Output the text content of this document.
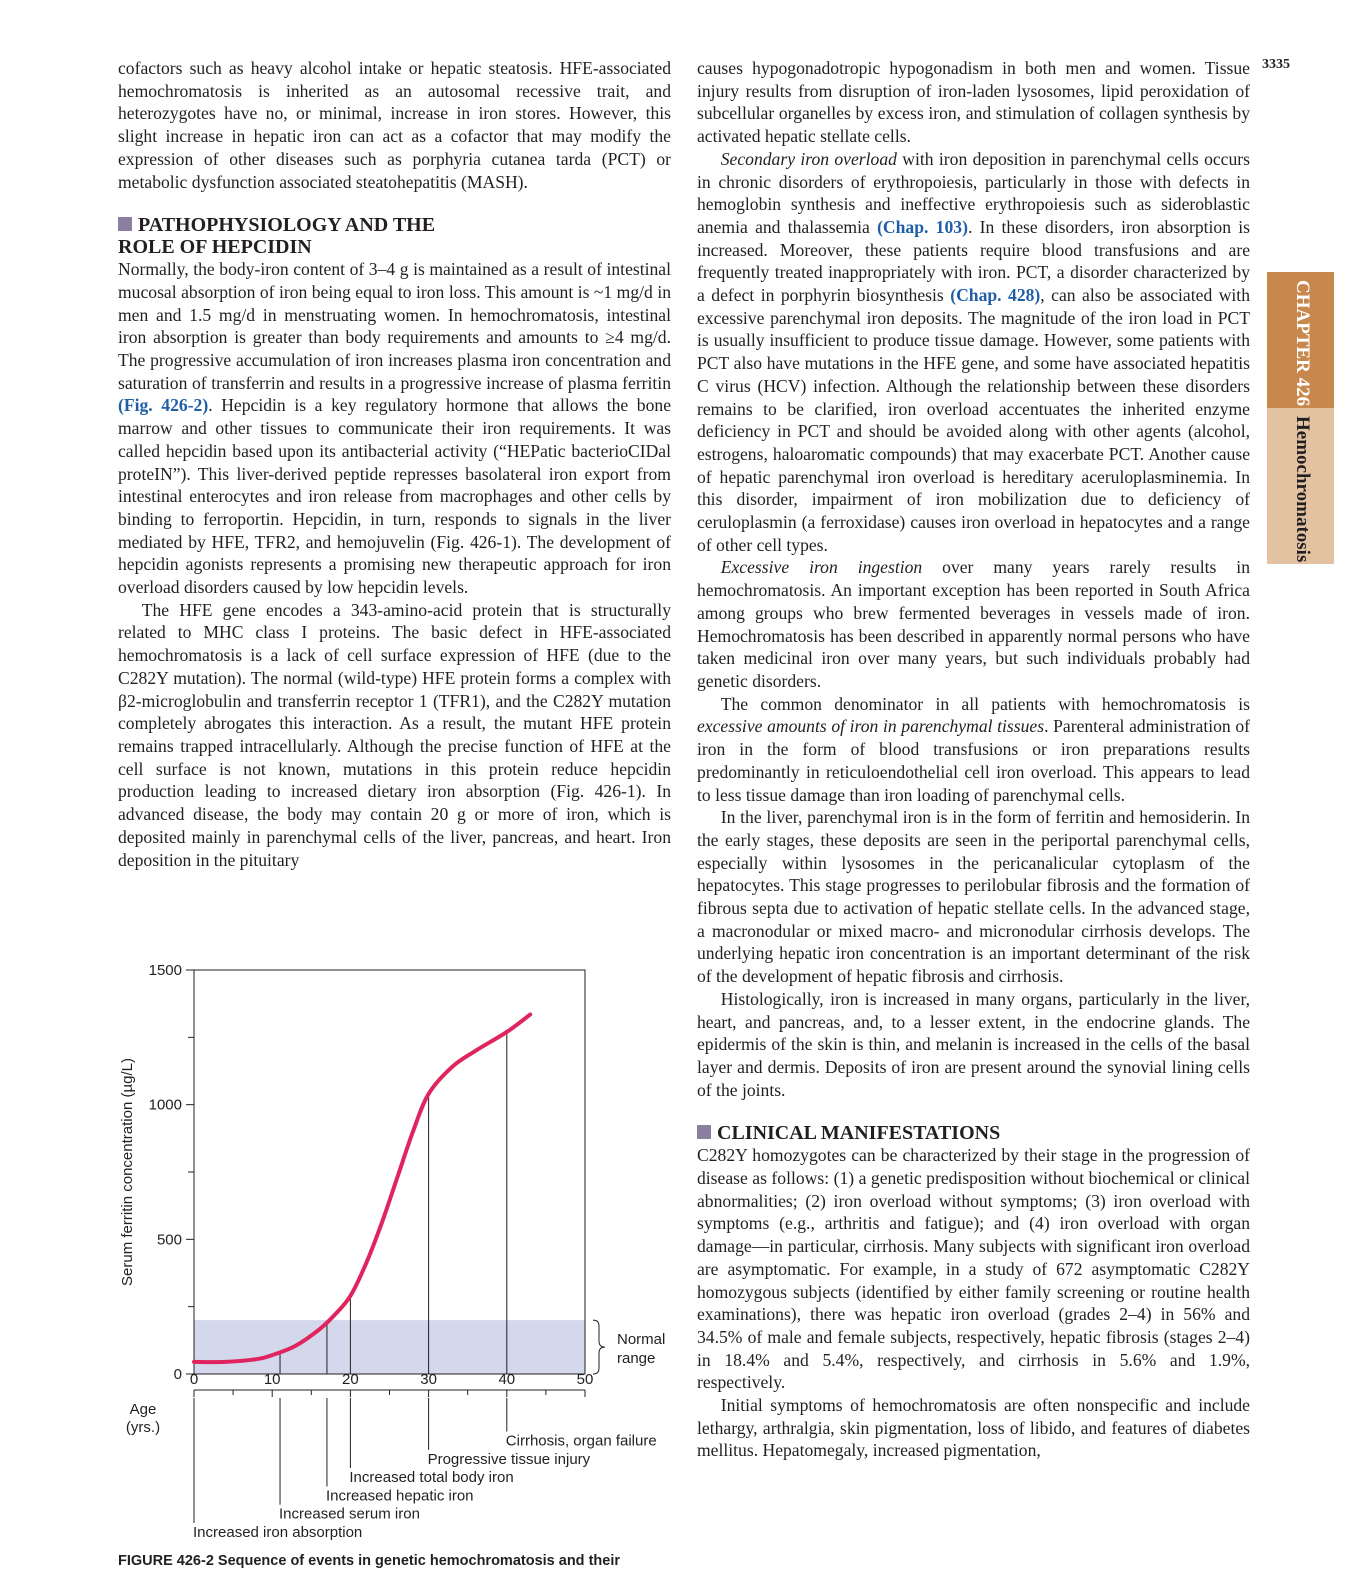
3335
CHAPTER 426
Hemochromatosis

cofactors such as heavy alcohol intake or hepatic steatosis. HFE-associated hemochromatosis is inherited as an autosomal recessive trait, and heterozygotes have no, or minimal, increase in iron stores. However, this slight increase in hepatic iron can act as a cofactor that may modify the expression of other diseases such as porphyria cutanea tarda (PCT) or metabolic dysfunction associated steatohepatitis (MASH).

PATHOPHYSIOLOGY AND THE
ROLE OF HEPCIDIN

Normally, the body-iron content of 3–4 g is maintained as a result of intestinal mucosal absorption of iron being equal to iron loss. This amount is ~1 mg/d in men and 1.5 mg/d in menstruating women. In hemochromatosis, intestinal iron absorption is greater than body requirements and amounts to ≥4 mg/d. The progressive accumulation of iron increases plasma iron concentration and saturation of transferrin and results in a progressive increase of plasma ferritin (Fig. 426-2). Hepcidin is a key regulatory hormone that allows the bone marrow and other tissues to communicate their iron requirements. It was called hepcidin based upon its antibacterial activity (“HEPatic bacterioCIDal proteIN”). This liver-derived peptide represses basolateral iron export from intestinal enterocytes and iron release from macrophages and other cells by binding to ferroportin. Hepcidin, in turn, responds to signals in the liver mediated by HFE, TFR2, and hemojuvelin (Fig. 426-1). The development of hepcidin agonists represents a promising new therapeutic approach for iron overload disorders caused by low hepcidin levels.

The HFE gene encodes a 343-amino-acid protein that is structurally related to MHC class I proteins. The basic defect in HFE-associated hemochromatosis is a lack of cell surface expression of HFE (due to the C282Y mutation). The normal (wild-type) HFE protein forms a complex with β2-microglobulin and transferrin receptor 1 (TFR1), and the C282Y mutation completely abrogates this interaction. As a result, the mutant HFE protein remains trapped intracellularly. Although the precise function of HFE at the cell surface is not known, mutations in this protein reduce hepcidin production leading to increased dietary iron absorption (Fig. 426-1). In advanced disease, the body may contain 20 g or more of iron, which is deposited mainly in parenchymal cells of the liver, pancreas, and heart. Iron deposition in the pituitary

causes hypogonadotropic hypogonadism in both men and women. Tissue injury results from disruption of iron-laden lysosomes, lipid peroxidation of subcellular organelles by excess iron, and stimulation of collagen synthesis by activated hepatic stellate cells.

Secondary iron overload with iron deposition in parenchymal cells occurs in chronic disorders of erythropoiesis, particularly in those with defects in hemoglobin synthesis and ineffective erythropoiesis such as sideroblastic anemia and thalassemia (Chap. 103). In these disorders, iron absorption is increased. Moreover, these patients require blood transfusions and are frequently treated inappropriately with iron. PCT, a disorder characterized by a defect in porphyrin biosynthesis (Chap. 428), can also be associated with excessive parenchymal iron deposits. The magnitude of the iron load in PCT is usually insufficient to produce tissue damage. However, some patients with PCT also have mutations in the HFE gene, and some have associated hepatitis C virus (HCV) infection. Although the relationship between these disorders remains to be clarified, iron overload accentuates the inherited enzyme deficiency in PCT and should be avoided along with other agents (alcohol, estrogens, haloaromatic compounds) that may exacerbate PCT. Another cause of hepatic parenchymal iron overload is hereditary aceruloplasminemia. In this disorder, impairment of iron mobilization due to deficiency of ceruloplasmin (a ferroxidase) causes iron overload in hepatocytes and a range of other cell types.

Excessive iron ingestion over many years rarely results in hemochromatosis. An important exception has been reported in South Africa among groups who brew fermented beverages in vessels made of iron. Hemochromatosis has been described in apparently normal persons who have taken medicinal iron over many years, but such individuals probably had genetic disorders.

The common denominator in all patients with hemochromatosis is excessive amounts of iron in parenchymal tissues. Parenteral administration of iron in the form of blood transfusions or iron preparations results predominantly in reticuloendothelial cell iron overload. This appears to lead to less tissue damage than iron loading of parenchymal cells.

In the liver, parenchymal iron is in the form of ferritin and hemosiderin. In the early stages, these deposits are seen in the periportal parenchymal cells, especially within lysosomes in the pericanalicular cytoplasm of the hepatocytes. This stage progresses to perilobular fibrosis and the formation of fibrous septa due to activation of hepatic stellate cells. In the advanced stage, a macronodular or mixed macro- and micronodular cirrhosis develops. The underlying hepatic iron concentration is an important determinant of the risk of the development of hepatic fibrosis and cirrhosis.

Histologically, iron is increased in many organs, particularly in the liver, heart, and pancreas, and, to a lesser extent, in the endocrine glands. The epidermis of the skin is thin, and melanin is increased in the cells of the basal layer and dermis. Deposits of iron are present around the synovial lining cells of the joints.

CLINICAL MANIFESTATIONS

C282Y homozygotes can be characterized by their stage in the progression of disease as follows: (1) a genetic predisposition without biochemical or clinical abnormalities; (2) iron overload without symptoms; (3) iron overload with symptoms (e.g., arthritis and fatigue); and (4) iron overload with organ damage—in particular, cirrhosis. Many subjects with significant iron overload are asymptomatic. For example, in a study of 672 asymptomatic C282Y homozygous subjects (identified by either family screening or routine health examinations), there was hepatic iron overload (grades 2–4) in 56% and 34.5% of male and female subjects, respectively, hepatic fibrosis (stages 2–4) in 18.4% and 5.4%, respectively, and cirrhosis in 5.6% and 1.9%, respectively.

Initial symptoms of hemochromatosis are often nonspecific and include lethargy, arthralgia, skin pigmentation, loss of libido, and features of diabetes mellitus. Hepatomegaly, increased pigmentation,

0
500
1000
1500
0	10	20	30	40	50
Increased iron absorption
Increased serum iron
Increased hepatic iron
Increased total body iron
Progressive tissue injury
Cirrhosis, organ failure
Normal
range
Serum ferritin concentration (µg/L)
Age
(yrs.)
FIGURE 426-2 Sequence of events in genetic hemochromatosis and their
